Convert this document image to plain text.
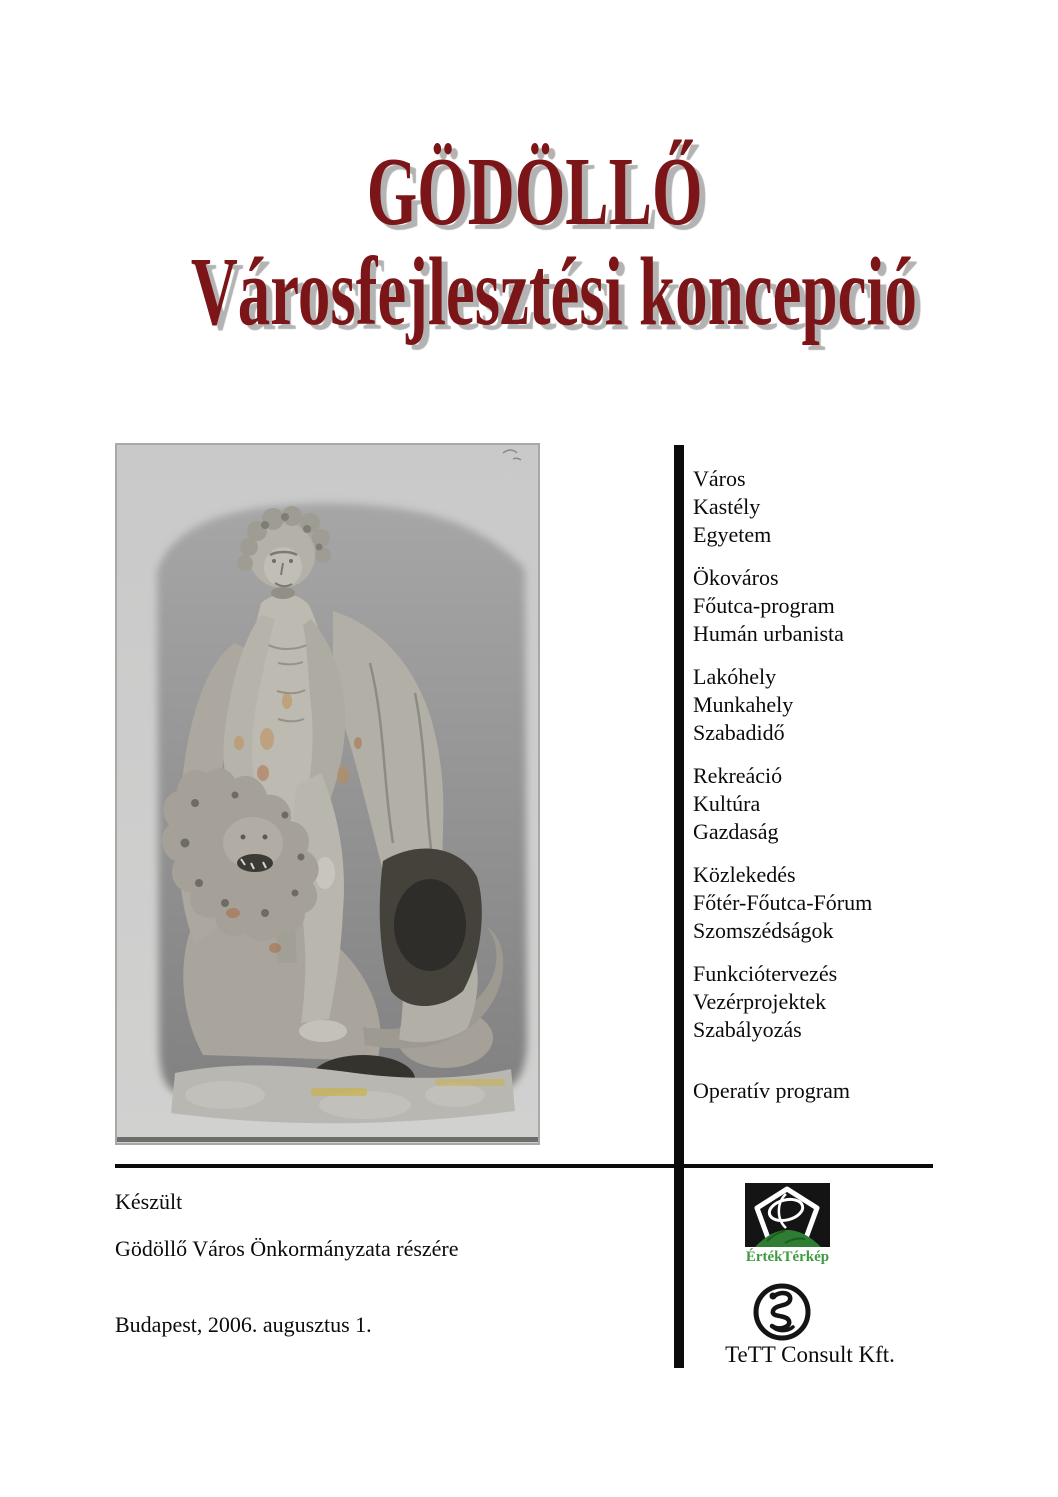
GÖDÖLLŐ
Városfejlesztési koncepció
Város
Kastély
Egyetem
Ökováros
Főutca-program
Humán urbanista
Lakóhely
Munkahely
Szabadidő
Rekreáció
Kultúra
Gazdaság
Közlekedés
Főtér-Főutca-Fórum
Szomszédságok
Funkciótervezés
Vezérprojektek
Szabályozás
Operatív program
Készült
Gödöllő Város Önkormányzata részére
Budapest, 2006. augusztus 1.
ÉrtékTérkép
TeTT Consult Kft.
